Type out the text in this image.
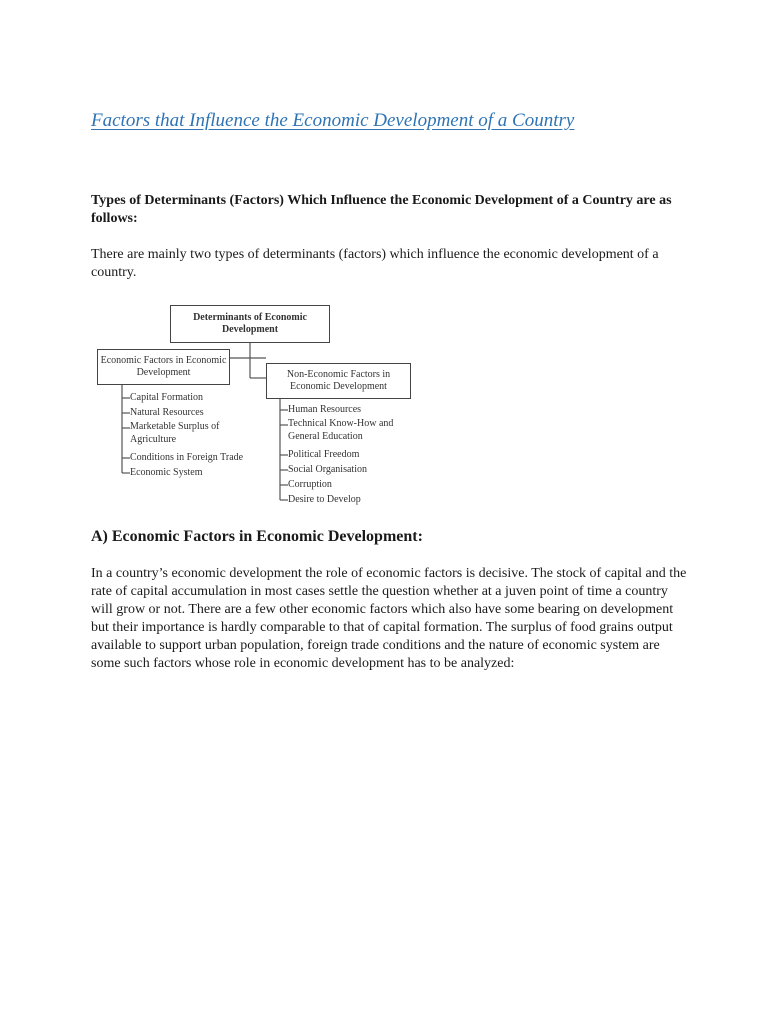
Factors that Influence the Economic Development of a Country
Types of Determinants (Factors) Which Influence the Economic Development of a Country are as follows:
There are mainly two types of determinants (factors) which influence the economic development of a country.
Determinants of Economic Development
Economic Factors in Economic Development	Non-Economic Factors in Economic Development
Capital Formation
Natural Resources
Marketable Surplus of Agriculture
Conditions in Foreign Trade
Economic System
Human Resources
Technical Know-How and General Education
Political Freedom
Social Organisation
Corruption
Desire to Develop
A) Economic Factors in Economic Development:
In a country’s economic development the role of economic factors is decisive. The stock of capital and the rate of capital accumulation in most cases settle the question whether at a juven point of time a country will grow or not. There are a few other economic factors which also have some bearing on development but their importance is hardly comparable to that of capital formation. The surplus of food grains output available to support urban population, foreign trade conditions and the nature of economic system are some such factors whose role in economic development has to be analyzed:
